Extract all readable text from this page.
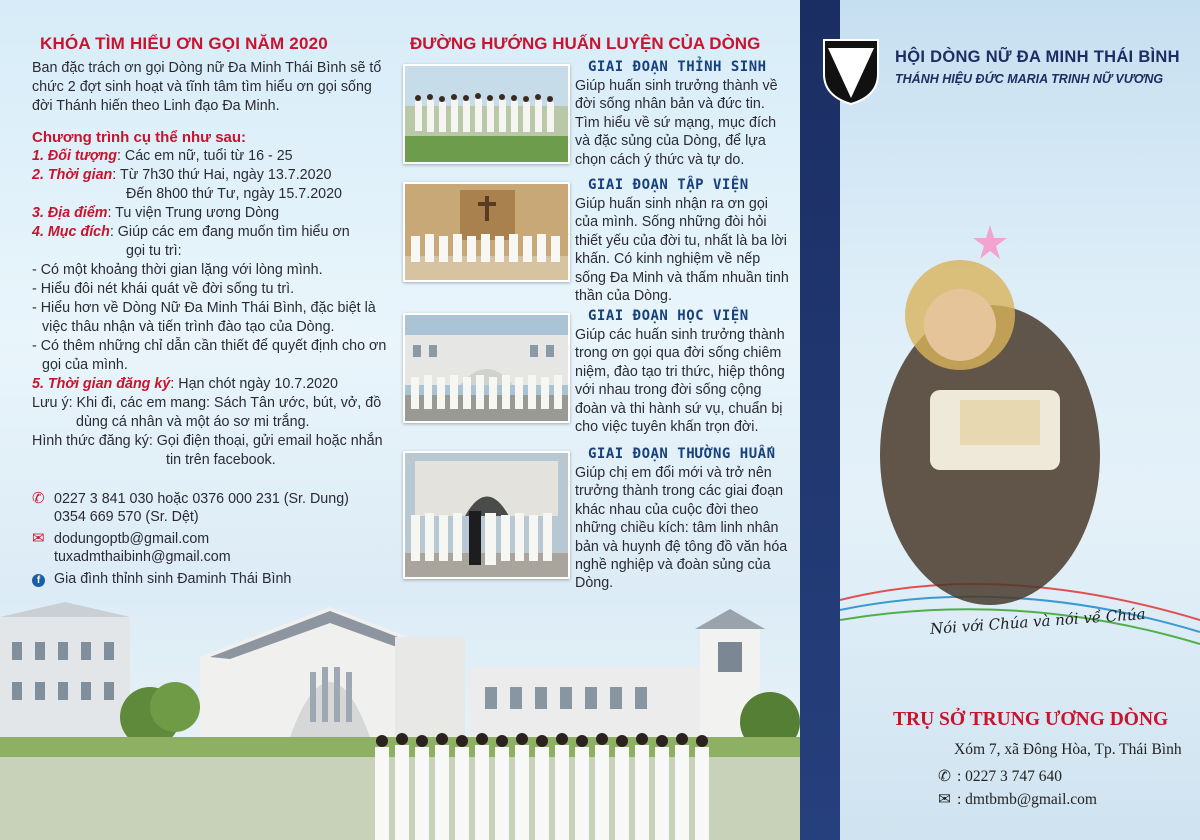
KHÓA TÌM HIỂU ƠN GỌI NĂM 2020
Ban đặc trách ơn gọi Dòng nữ Đa Minh Thái Bình sẽ tổ chức 2 đợt sinh hoạt và tĩnh tâm tìm hiểu ơn gọi sống đời Thánh hiến theo Linh đạo Đa Minh.
Chương trình cụ thể như sau:
1. Đối tượng: Các em nữ, tuổi từ 16 - 25
2. Thời gian: Từ 7h30 thứ Hai, ngày 13.7.2020
Đến 8h00 thứ Tư, ngày 15.7.2020
3. Địa điểm: Tu viện Trung ương Dòng
4. Mục đích: Giúp các em đang muốn tìm hiểu ơn
gọi tu trì:
- Có một khoảng thời gian lặng với lòng mình.
- Hiểu đôi nét khái quát về đời sống tu trì.
- Hiểu hơn về Dòng Nữ Đa Minh Thái Bình, đặc biệt là việc thâu nhận và tiến trình đào tạo của Dòng.
- Có thêm những chỉ dẫn cần thiết để quyết định cho ơn gọi của mình.
5. Thời gian đăng ký: Hạn chót ngày 10.7.2020
Lưu ý: Khi đi, các em mang: Sách Tân ước, bút, vở, đồ dùng cá nhân và một áo sơ mi trắng.
Hình thức đăng ký: Gọi điện thoại, gửi email hoặc nhắn tin trên facebook.
✆ 0227 3 841 030 hoặc 0376 000 231 (Sr. Dung)
0354 669 570 (Sr. Dệt)
✉ dodungoptb@gmail.com
tuxadmthaibinh@gmail.com
f Gia đình thỉnh sinh Đaminh Thái Bình
ĐƯỜNG HƯỚNG HUẤN LUYỆN CỦA DÒNG
GIAI ĐOẠN THỈNH SINH
Giúp huấn sinh trưởng thành về đời sống nhân bản và đức tin. Tìm hiểu về sứ mạng, mục đích và đặc sủng của Dòng, để lựa chọn cách ý thức và tự do.
GIAI ĐOẠN TẬP VIỆN
Giúp huấn sinh nhận ra ơn gọi của mình. Sống những đòi hỏi thiết yếu của đời tu, nhất là ba lời khấn. Có kinh nghiệm về nếp sống Đa Minh và thấm nhuần tinh thần của Dòng.
GIAI ĐOẠN HỌC VIỆN
Giúp các huấn sinh trưởng thành trong ơn gọi qua đời sống chiêm niệm, đào tạo tri thức, hiệp thông với nhau trong đời sống cộng đoàn và thi hành sứ vụ, chuẩn bị cho việc tuyên khấn trọn đời.
GIAI ĐOẠN THƯỜNG HUẤN
Giúp chị em đổi mới và trở nên trưởng thành trong các giai đoạn khác nhau của cuộc đời theo những chiều kích: tâm linh nhân bản và huynh đệ tông đồ văn hóa nghề nghiệp và đoàn sủng của Dòng.
HỘI DÒNG NỮ ĐA MINH THÁI BÌNH
THÁNH HIỆU ĐỨC MARIA TRINH NỮ VƯƠNG
Nói với Chúa và nói về Chúa
TRỤ SỞ TRUNG ƯƠNG DÒNG
Xóm 7, xã Đông Hòa, Tp. Thái Bình
✆ : 0227 3 747 640
✉ : dmtbmb@gmail.com
